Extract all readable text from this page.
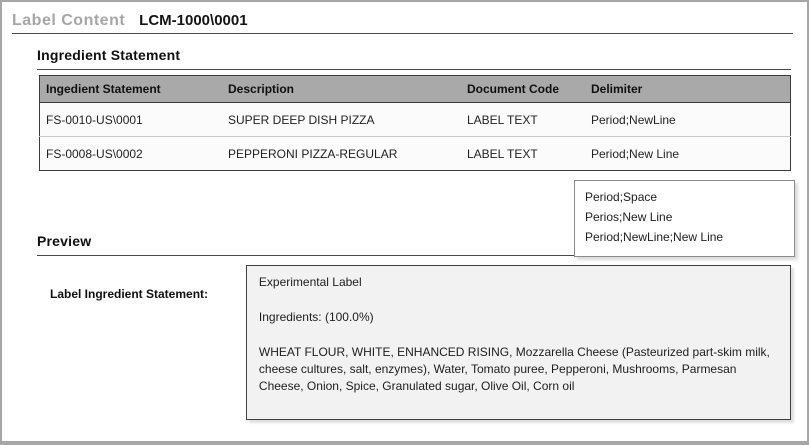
Label Content LCM-1000\0001
Ingredient Statement
Ingedient Statement	Description	Document Code	Delimiter
FS-0010-US\0001	SUPER DEEP DISH PIZZA	LABEL TEXT	Period;NewLine
FS-0008-US\0002	PEPPERONI PIZZA-REGULAR	LABEL TEXT	Period;New Line
Period;Space
Perios;New Line
Period;NewLine;New Line
Preview
Label Ingredient Statement:
Experimental Label
Ingredients: (100.0%)
WHEAT FLOUR, WHITE, ENHANCED RISING, Mozzarella Cheese (Pasteurized part-skim milk, cheese cultures, salt, enzymes), Water, Tomato puree, Pepperoni, Mushrooms, Parmesan Cheese, Onion, Spice, Granulated sugar, Olive Oil, Corn oil
